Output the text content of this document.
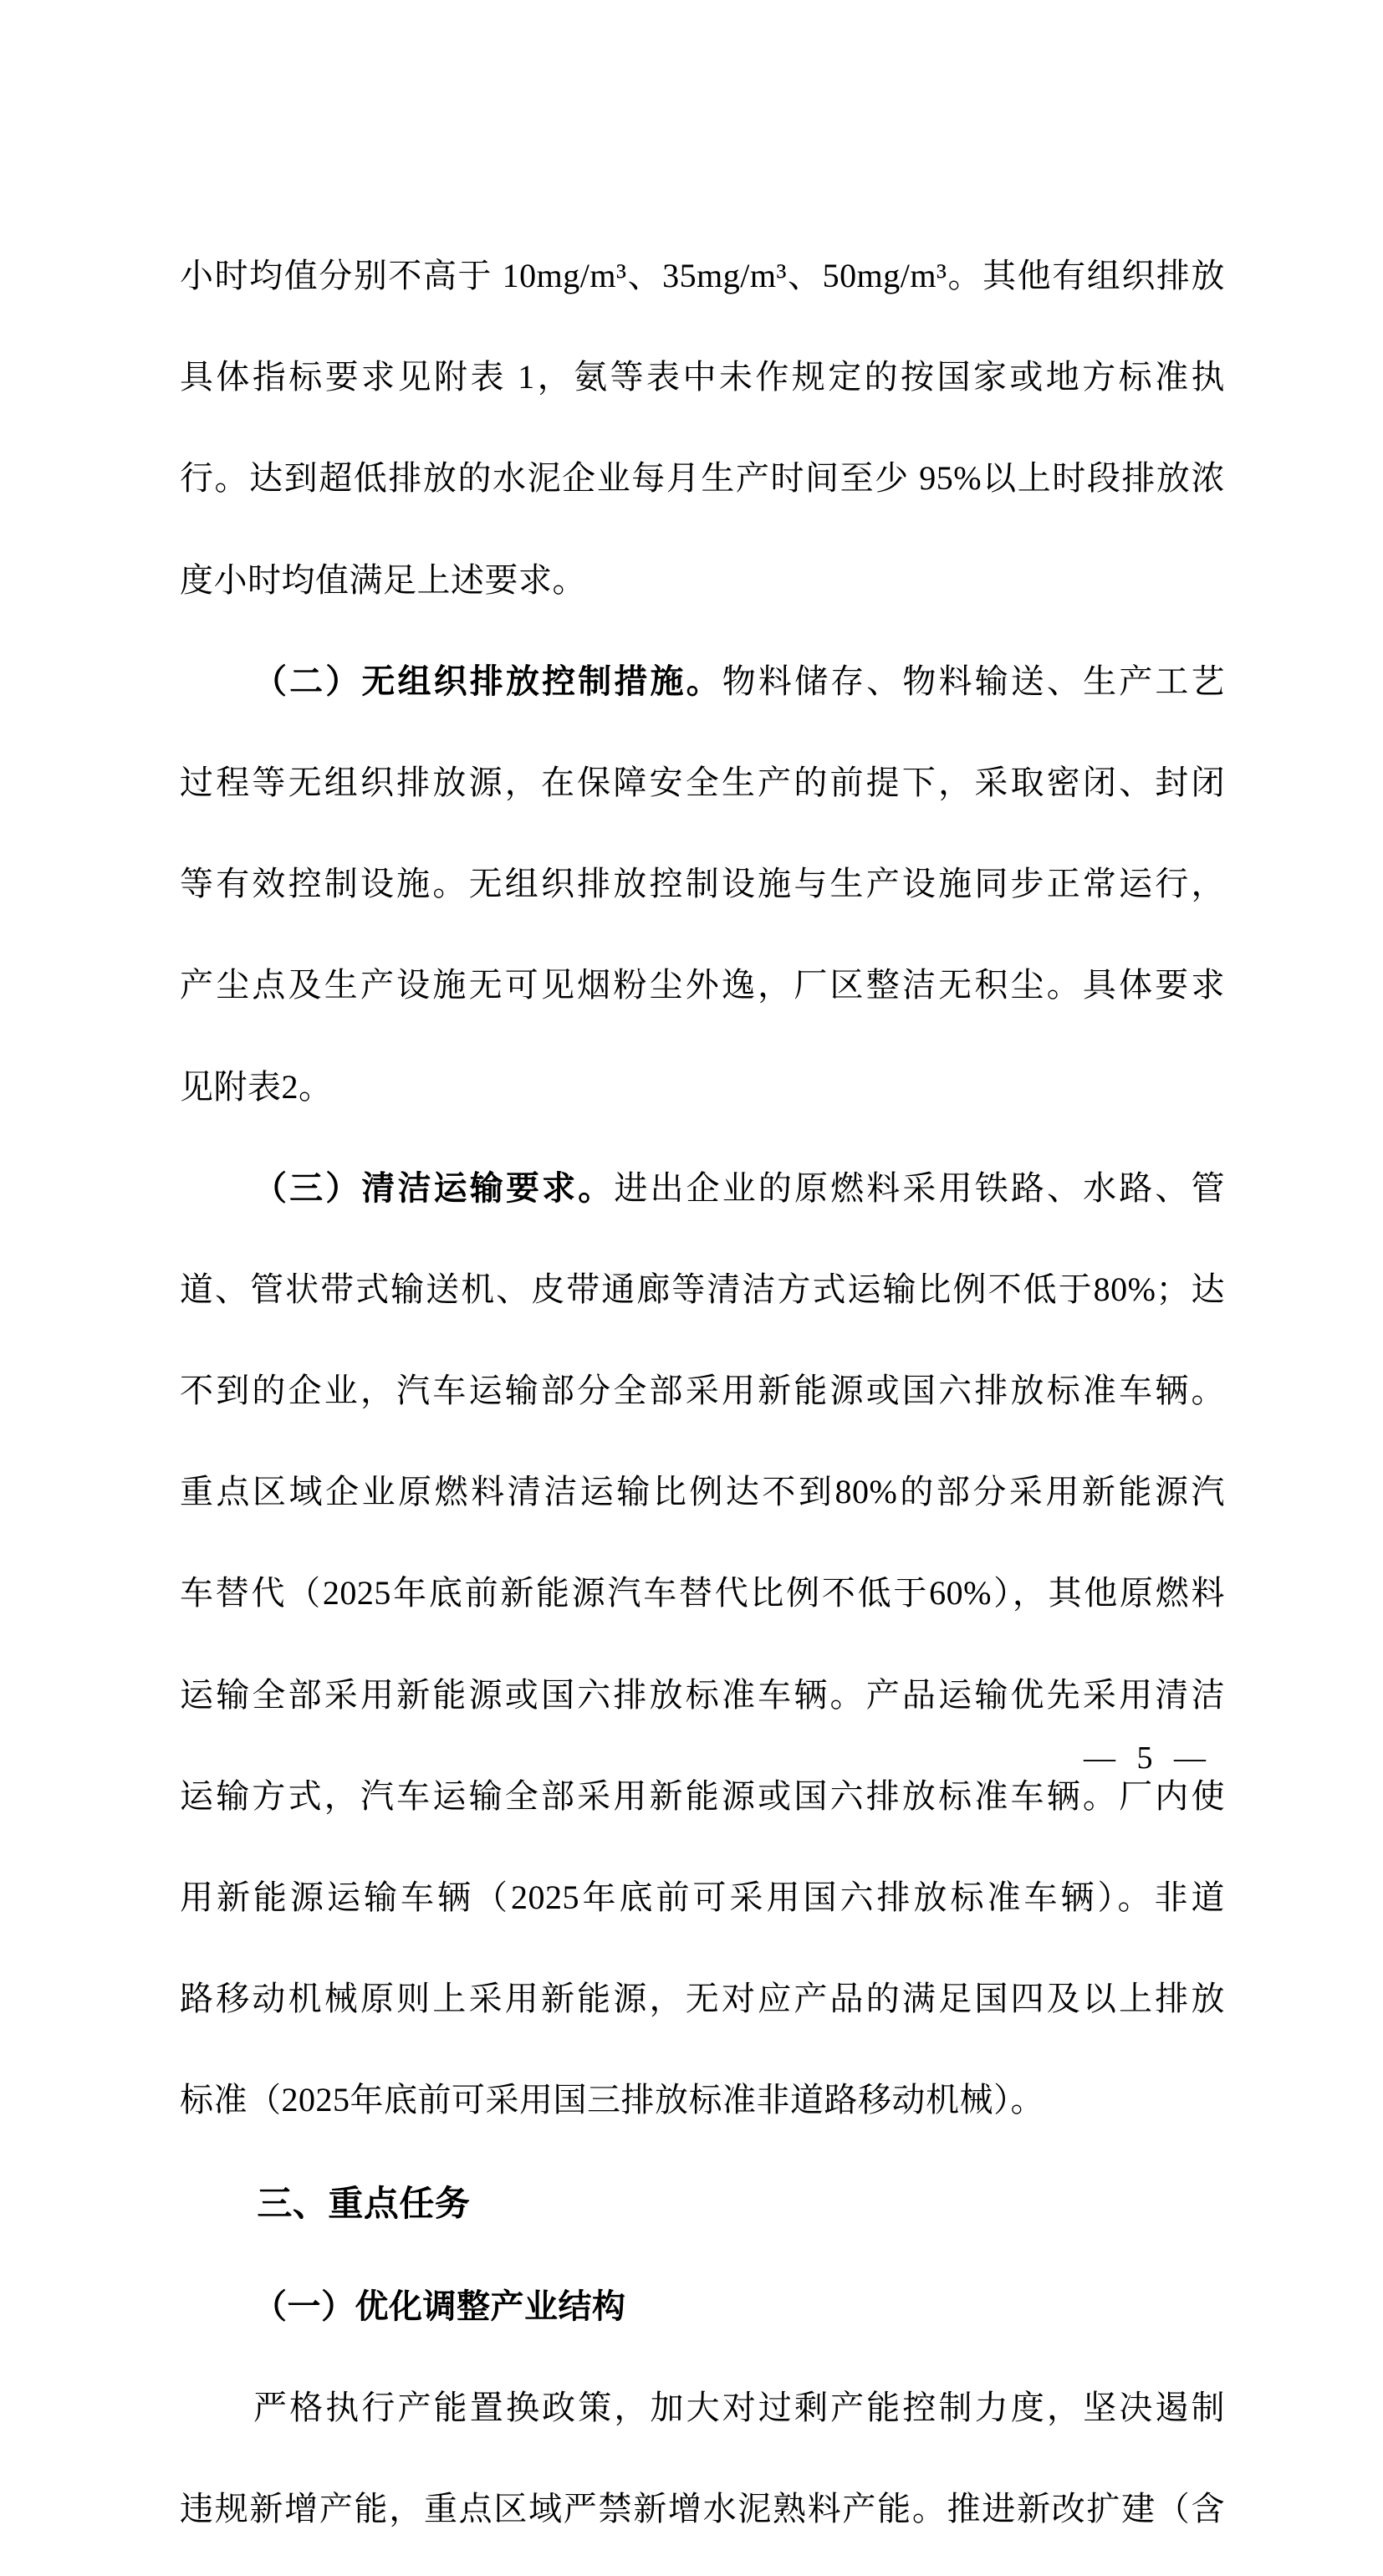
小时均值分别不高于 10mg/m³、35mg/m³、50mg/m³。其他有组织排放

具体指标要求见附表 1，氨等表中未作规定的按国家或地方标准执

行。达到超低排放的水泥企业每月生产时间至少 95%以上时段排放浓

度小时均值满足上述要求。

（二）无组织排放控制措施。物料储存、物料输送、生产工艺

过程等无组织排放源，在保障安全生产的前提下，采取密闭、封闭

等有效控制设施。无组织排放控制设施与生产设施同步正常运行，

产尘点及生产设施无可见烟粉尘外逸，厂区整洁无积尘。具体要求

见附表2。

（三）清洁运输要求。进出企业的原燃料采用铁路、水路、管

道、管状带式输送机、皮带通廊等清洁方式运输比例不低于80%；达

不到的企业，汽车运输部分全部采用新能源或国六排放标准车辆。

重点区域企业原燃料清洁运输比例达不到80%的部分采用新能源汽

车替代（2025年底前新能源汽车替代比例不低于60%），其他原燃料

运输全部采用新能源或国六排放标准车辆。产品运输优先采用清洁

运输方式，汽车运输全部采用新能源或国六排放标准车辆。厂内使

用新能源运输车辆（2025年底前可采用国六排放标准车辆）。非道

路移动机械原则上采用新能源，无对应产品的满足国四及以上排放

标准（2025年底前可采用国三排放标准非道路移动机械）。

三、重点任务

（一）优化调整产业结构

严格执行产能置换政策，加大对过剩产能控制力度，坚决遏制

违规新增产能，重点区域严禁新增水泥熟料产能。推进新改扩建（含

— 5 —
